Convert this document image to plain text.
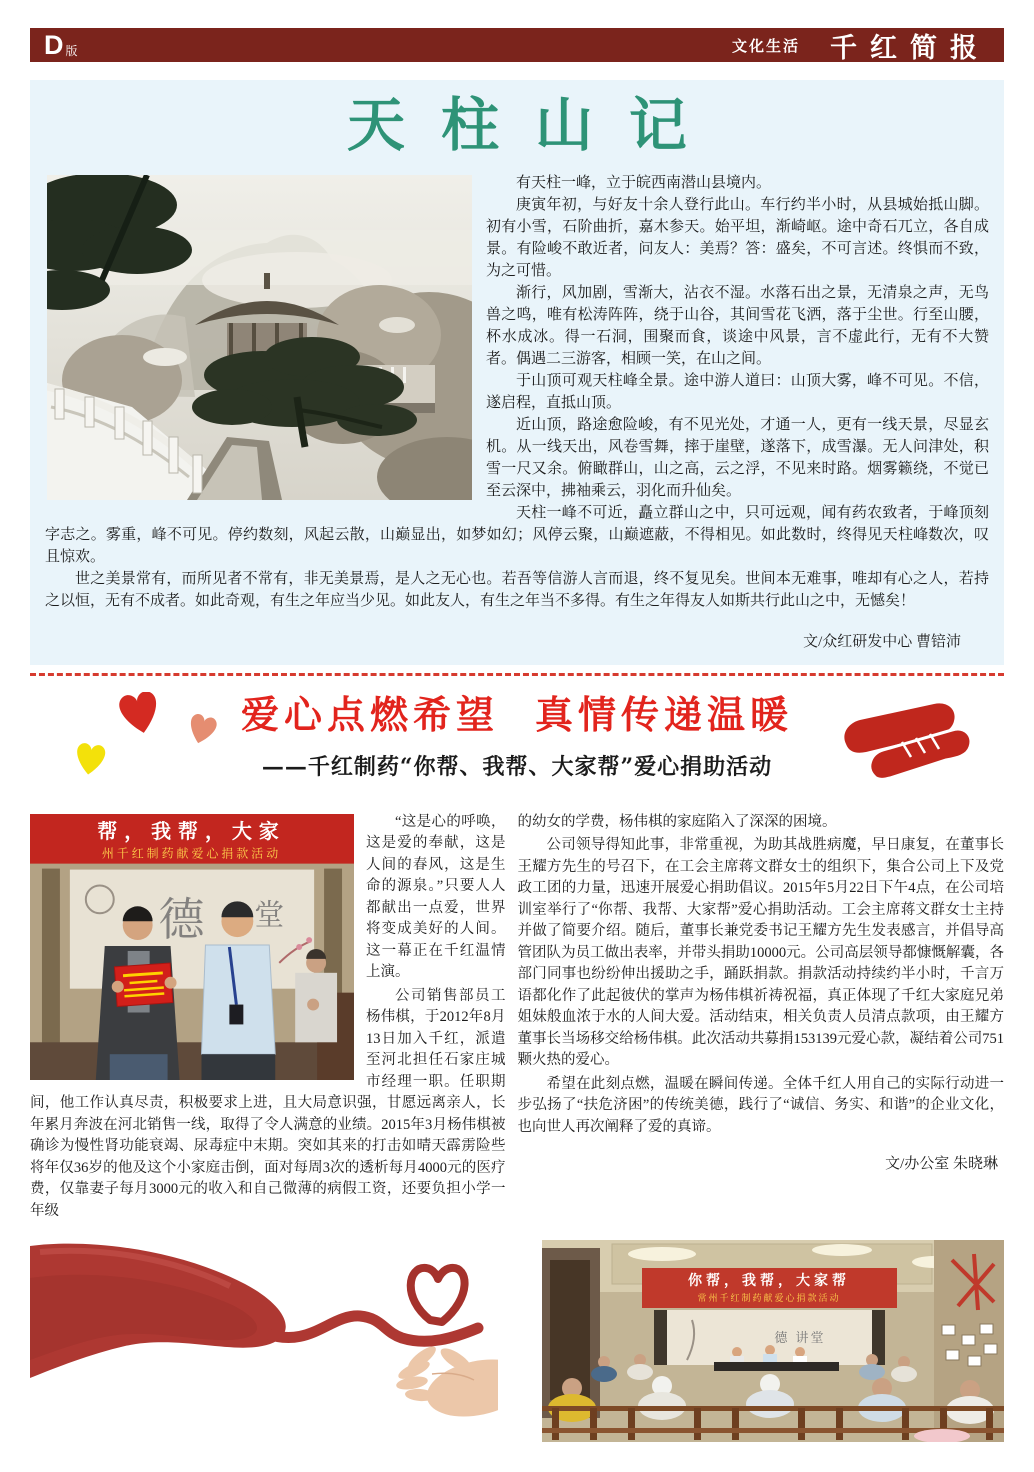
D 版	文化生活 千红简报
天柱山记

有天柱一峰，立于皖西南潜山县境内。

庚寅年初，与好友十余人登行此山。车行约半小时，从县城始抵山脚。初有小雪，石阶曲折，嘉木参天。始平坦，渐崎岖。途中奇石兀立，各自成景。有险峻不敢近者，问友人：美焉？答：盛矣，不可言述。终惧而不致，为之可惜。

渐行，风加剧，雪渐大，沾衣不湿。水落石出之景，无清泉之声，无鸟兽之鸣，唯有松涛阵阵，绕于山谷，其间雪花飞洒，落于尘世。行至山腰，杯水成冰。得一石洞，围聚而食，谈途中风景，言不虚此行，无有不大赞者。偶遇二三游客，相顾一笑，在山之间。

于山顶可观天柱峰全景。途中游人道曰：山顶大雾，峰不可见。不信，遂启程，直抵山顶。

近山顶，路途愈险峻，有不见光处，才通一人，更有一线天景，尽显玄机。从一线天出，风卷雪舞，摔于崖壁，遂落下，成雪瀑。无人问津处，积雪一尺又余。俯瞰群山，山之高，云之浮，不见来时路。烟雾籁绕，不觉已至云深中，拂袖乘云，羽化而升仙矣。

天柱一峰不可近，矗立群山之中，只可远观，闻有药农致者，于峰顶刻字志之。雾重，峰不可见。停约数刻，风起云散，山巅显出，如梦如幻；风停云聚，山巅遮蔽，不得相见。如此数时，终得见天柱峰数次，叹且惊欢。

世之美景常有，而所见者不常有，非无美景焉，是人之无心也。若吾等信游人言而退，终不复见矣。世间本无难事，唯却有心之人，若持之以恒，无有不成者。如此奇观，有生之年应当少见。如此友人，有生之年当不多得。有生之年得友人如斯共行此山之中，无憾矣！

文/众红研发中心 曹锫沛
爱心点燃希望 真情传递温暖
——千红制药“你帮、我帮、大家帮”爱心捐助活动
帮，我帮，大家
州千红制药献爱心捐款活动
德 堂

“这是心的呼唤，这是爱的奉献，这是人间的春风，这是生命的源泉。”只要人人都献出一点爱，世界将变成美好的人间。这一幕正在千红温情上演。

公司销售部员工杨伟棋，于2012年8月13日加入千红，派遣至河北担任石家庄城市经理一职。任职期间，他工作认真尽责，积极要求上进，且大局意识强，甘愿远离亲人，长年累月奔波在河北销售一线，取得了令人满意的业绩。2015年3月杨伟棋被确诊为慢性肾功能衰竭、尿毒症中末期。突如其来的打击如晴天霹雳险些将年仅36岁的他及这个小家庭击倒，面对每周3次的透析每月4000元的医疗费，仅靠妻子每月3000元的收入和自己微薄的病假工资，还要负担小学一年级

的幼女的学费，杨伟棋的家庭陷入了深深的困境。

公司领导得知此事，非常重视，为助其战胜病魔，早日康复，在董事长王耀方先生的号召下，在工会主席蒋文群女士的组织下，集合公司上下及党政工团的力量，迅速开展爱心捐助倡议。2015年5月22日下午4点，在公司培训室举行了“你帮、我帮、大家帮”爱心捐助活动。工会主席蒋文群女士主持并做了简要介绍。随后，董事长兼党委书记王耀方先生发表感言，并倡导高管团队为员工做出表率，并带头捐助10000元。公司高层领导都慷慨解囊，各部门同事也纷纷伸出援助之手，踊跃捐款。捐款活动持续约半小时，千言万语都化作了此起彼伏的掌声为杨伟棋祈祷祝福，真正体现了千红大家庭兄弟姐妹般血浓于水的人间大爱。活动结束，相关负责人员清点款项，由王耀方董事长当场移交给杨伟棋。此次活动共募捐153139元爱心款，凝结着公司751颗火热的爱心。

希望在此刻点燃，温暖在瞬间传递。全体千红人用自己的实际行动进一步弘扬了“扶危济困”的传统美德，践行了“诚信、务实、和谐”的企业文化，也向世人再次阐释了爱的真谛。

文/办公室 朱晓琳
你帮，我帮，大家帮
常州千红制药献爱心捐款活动
德 讲堂
